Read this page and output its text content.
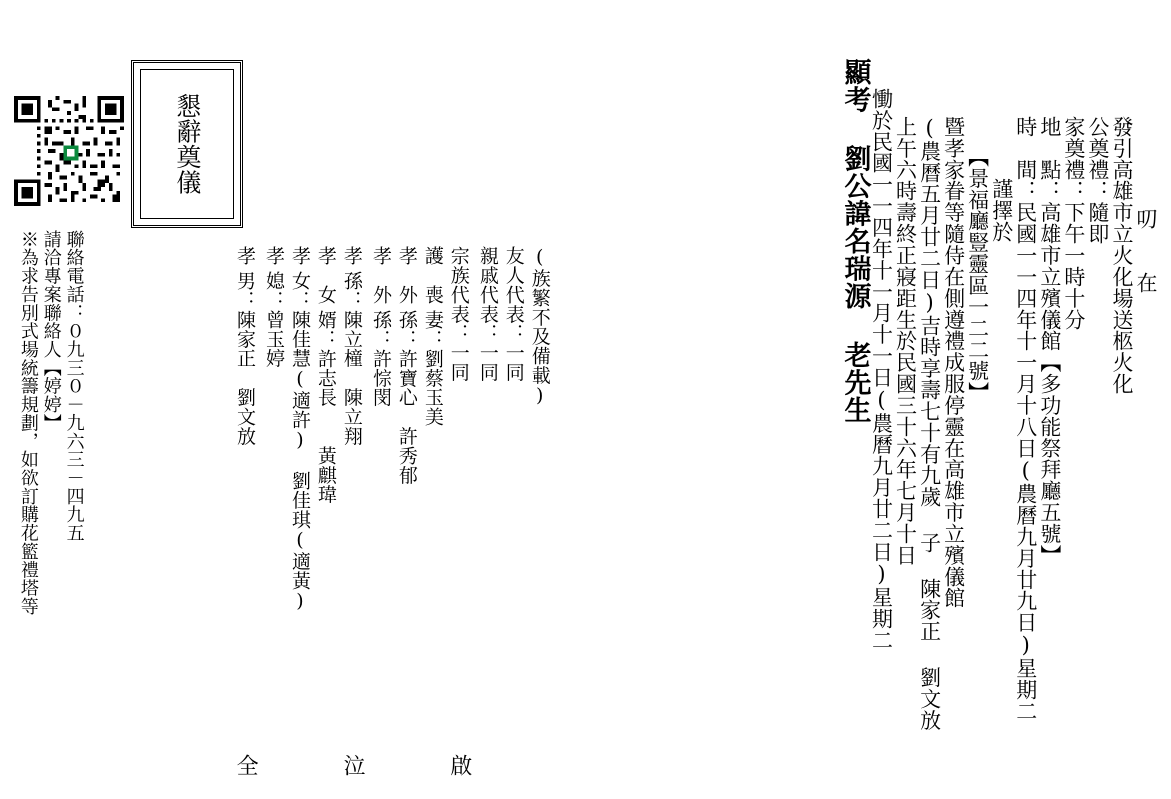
顯考 劉公諱名瑞源 老先生 慟於民國一一四年十一月十一日(農曆九月廿二日)星期二 上午六時壽終正寢距生於民國三十六年七月十日 (農曆五月廿二日)吉時享壽七十有九歲 子 陳家正 劉文放 暨孝家眷等隨侍在側遵禮成服停靈在高雄市立殯儀館 【景福廳豎靈區一二二號】 謹擇於 時　間：民國一一四年十一月十八日(農曆九月廿九日)星期二 地　點：高雄市立殯儀館【多功能祭拜廳五號】 家奠禮：下午一時十分 公奠禮：隨即 發引高雄市立火化場送柩火化 叨　　在
孝
男：陳家正　劉文放
全
孝
媳：曾玉婷
孝
女：陳佳慧(適許)　劉佳琪(適黃) 孝　女
婿：許志長　　黃麒瑋
孝
孫：陳立橦　陳立翔
泣
孝　外
孫：許悰閔
孝　外
孫：許寶心　許秀郁
護　喪
妻：劉蔡玉美 宗族代表：一同
啟
親戚代表：一同 友人代表：一同 (族繁不及備載)
懇辭奠儀
※為求告別式場統籌規劃，如欲訂購花籃禮塔等 請洽專案聯絡人【婷婷】 聯絡電話：０九三０－九六三－四九五
